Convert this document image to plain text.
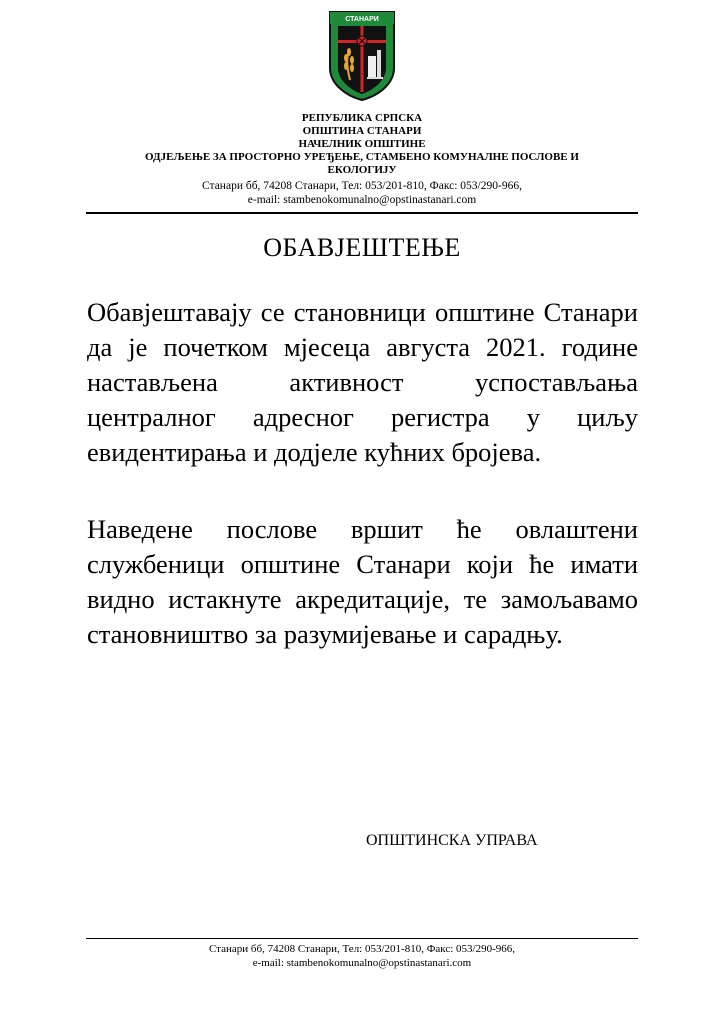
СТАНАРИ
РЕПУБЛИКА СРПСКА
ОПШТИНА СТАНАРИ
НАЧЕЛНИК ОПШТИНЕ
ОДЈЕЉЕЊЕ ЗА ПРОСТОРНО УРЕЂЕЊЕ, СТАМБЕНО КОМУНАЛНЕ ПОСЛОВЕ И
ЕКОЛОГИЈУ
Станари бб, 74208 Станари, Тел: 053/201-810, Факс: 053/290-966,
e-mail: stambenokomunalno@opstinastanari.com
ОБАВЈЕШТЕЊЕ
Обавјештавају се становници општине Станари да је почетком мјесеца августа 2021. године настављена активност успостављања централног адресног регистра у циљу евидентирања и додјеле кућних бројева.
Наведене послове вршит ће овлаштени службеници општине Станари који ће имати видно истакнуте акредитације, те замољавамо становништво за разумијевање и сарадњу.
ОПШТИНСКА УПРАВА
Станари бб, 74208 Станари, Тел: 053/201-810, Факс: 053/290-966,
e-mail: stambenokomunalno@opstinastanari.com
